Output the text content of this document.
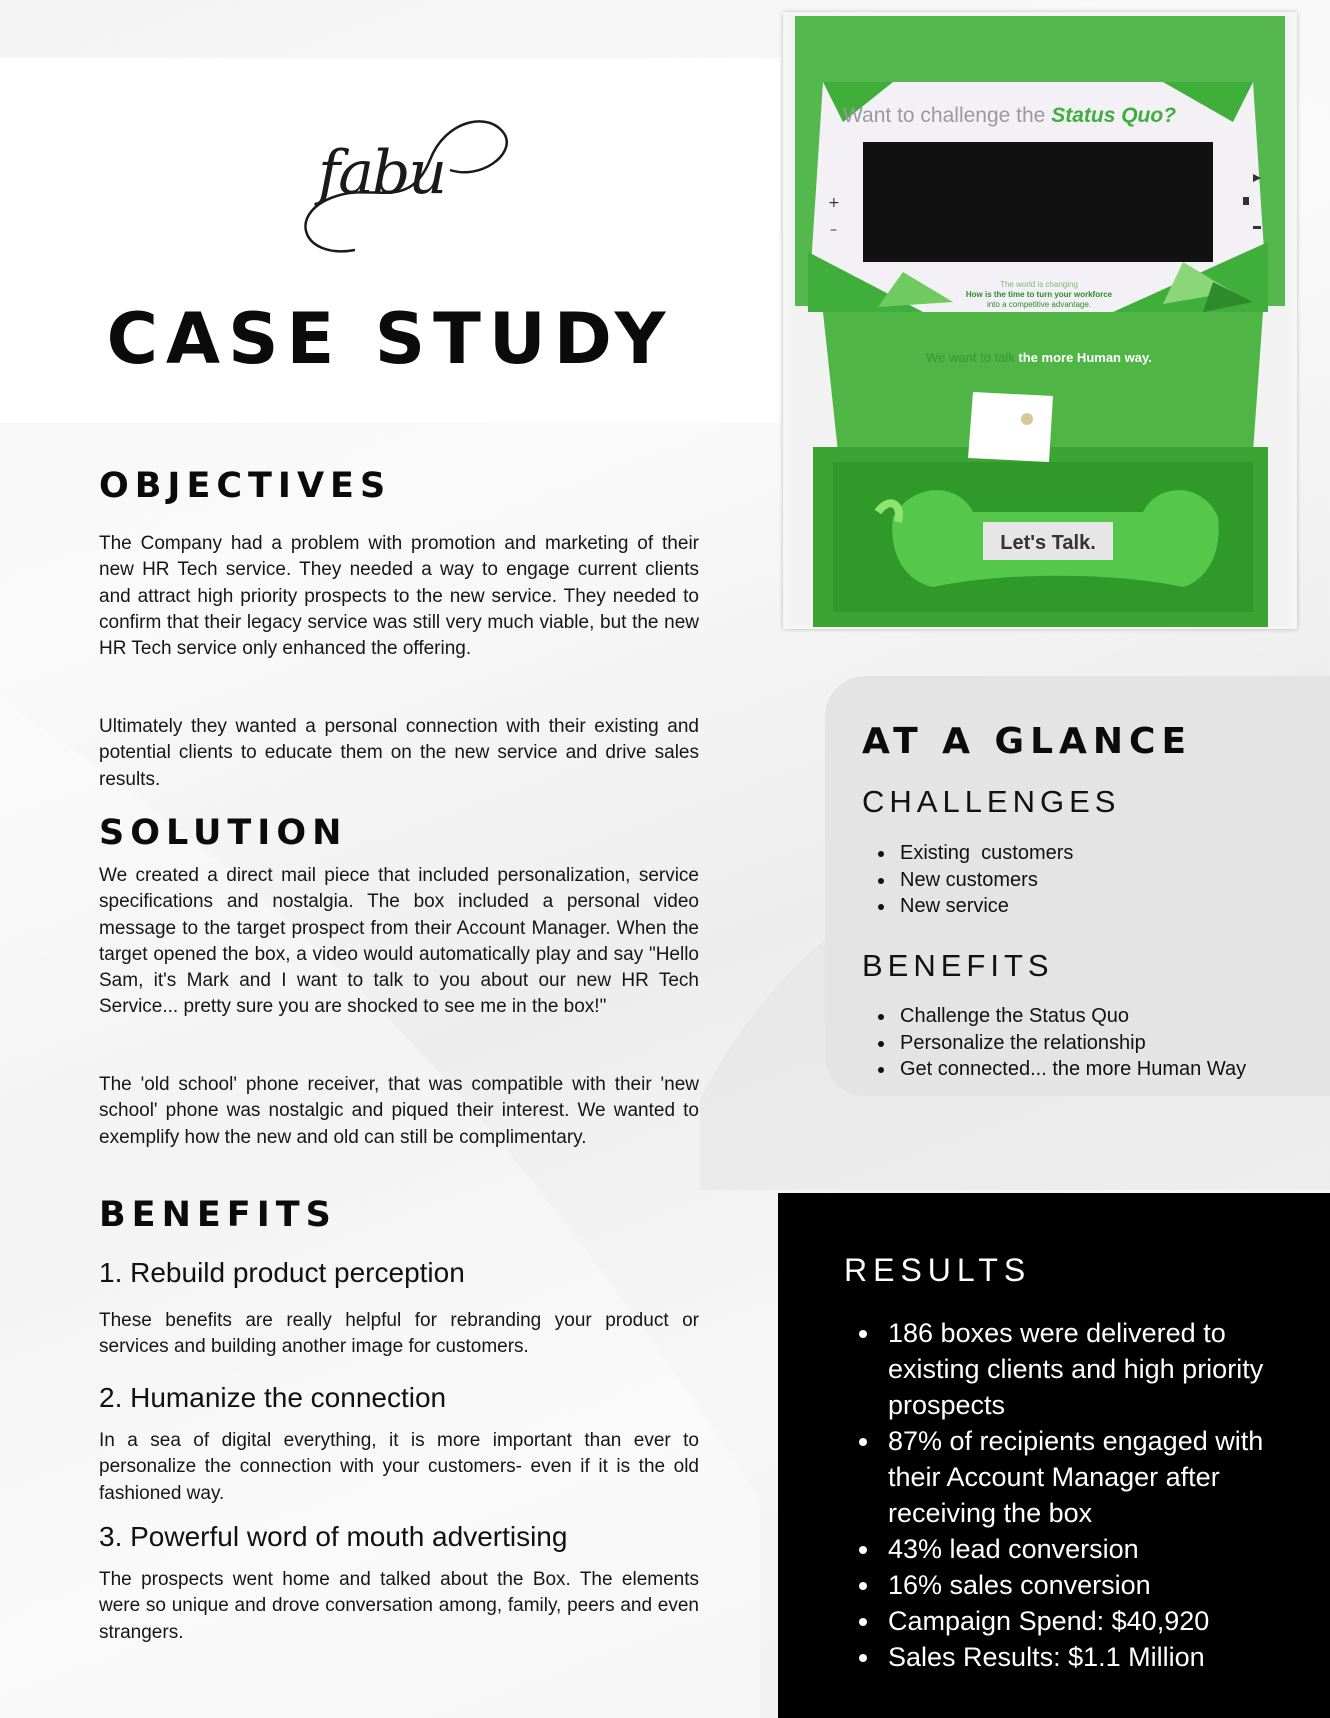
fabu
CASE STUDY
OBJECTIVES
The Company had a problem with promotion and marketing of their new HR Tech service. They needed a way to engage current clients and attract high priority prospects to the new service. They needed to confirm that their legacy service was still very much viable, but the new HR Tech service only enhanced the offering.
Ultimately they wanted a personal connection with their existing and potential clients to educate them on the new service and drive sales results.
SOLUTION
We created a direct mail piece that included personalization, service specifications and nostalgia. The box included a personal video message to the target prospect from their Account Manager. When the target opened the box, a video would automatically play and say "Hello Sam, it's Mark and I want to talk to you about our new HR Tech Service... pretty sure you are shocked to see me in the box!"
The 'old school' phone receiver, that was compatible with their 'new school' phone was nostalgic and piqued their interest. We wanted to exemplify how the new and old can still be complimentary.
BENEFITS
1. Rebuild product perception
These benefits are really helpful for rebranding your product or services and building another image for customers.
2. Humanize the connection
In a sea of digital everything, it is more important than ever to personalize the connection with your customers- even if it is the old fashioned way.
3. Powerful word of mouth advertising
The prospects went home and talked about the Box. The elements were so unique and drove conversation among, family, peers and even strangers.
+
–
Want to challenge the Status Quo?
The world is changing
How is the time to turn your workforce
into a competitive advantage.
We want to talk the more Human way.
Let's Talk.
AT A GLANCE
CHALLENGES
• Existing  customers
• New customers
• New service
BENEFITS
• Challenge the Status Quo
• Personalize the relationship
• Get connected... the more Human Way
RESULTS
• 186 boxes were delivered to existing clients and high priority prospects
• 87% of recipients engaged with their Account Manager after receiving the box
• 43% lead conversion
• 16% sales conversion
• Campaign Spend: $40,920
• Sales Results: $1.1 Million
